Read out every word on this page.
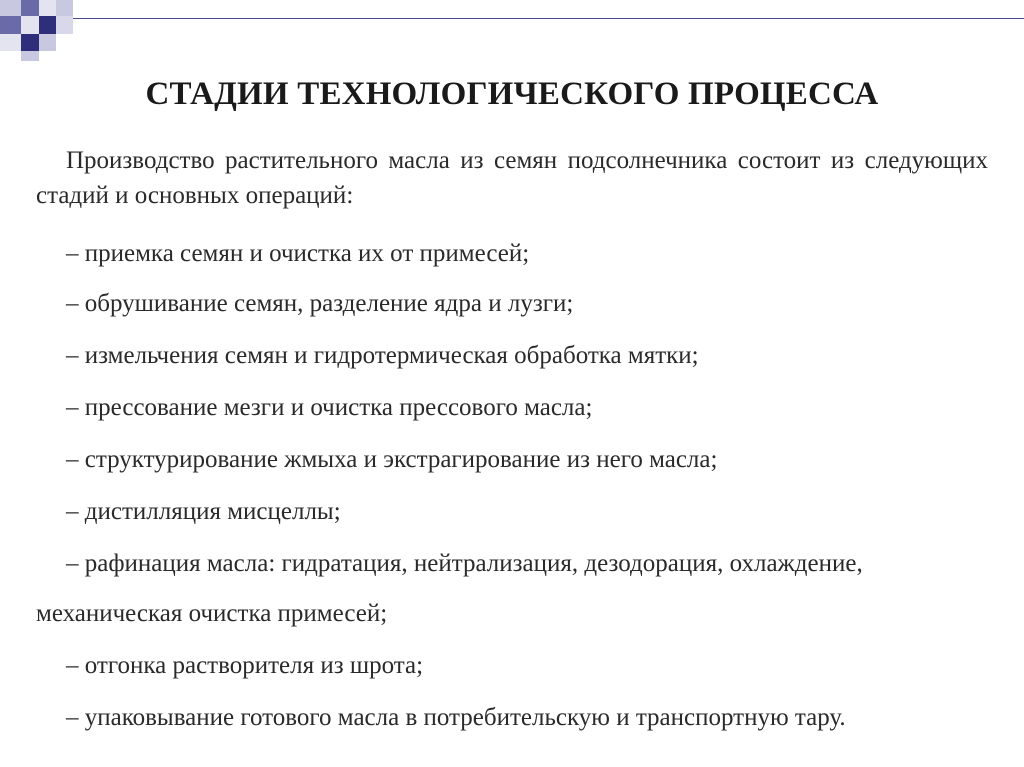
СТАДИИ ТЕХНОЛОГИЧЕСКОГО ПРОЦЕССА
Производство растительного масла из семян подсолнечника состоит из следующих стадий и основных операций:
– приемка семян и очистка их от примесей;
– обрушивание семян, разделение ядра и лузги;
– измельчения семян и гидротермическая обработка мятки;
– прессование мезги и очистка прессового масла;
– структурирование жмыха и экстрагирование из него масла;
– дистилляция мисцеллы;
– рафинация масла: гидратация, нейтрализация, дезодорация, охлаждение,
механическая очистка примесей;
– отгонка растворителя из шрота;
– упаковывание готового масла в потребительскую и транспортную тару.
